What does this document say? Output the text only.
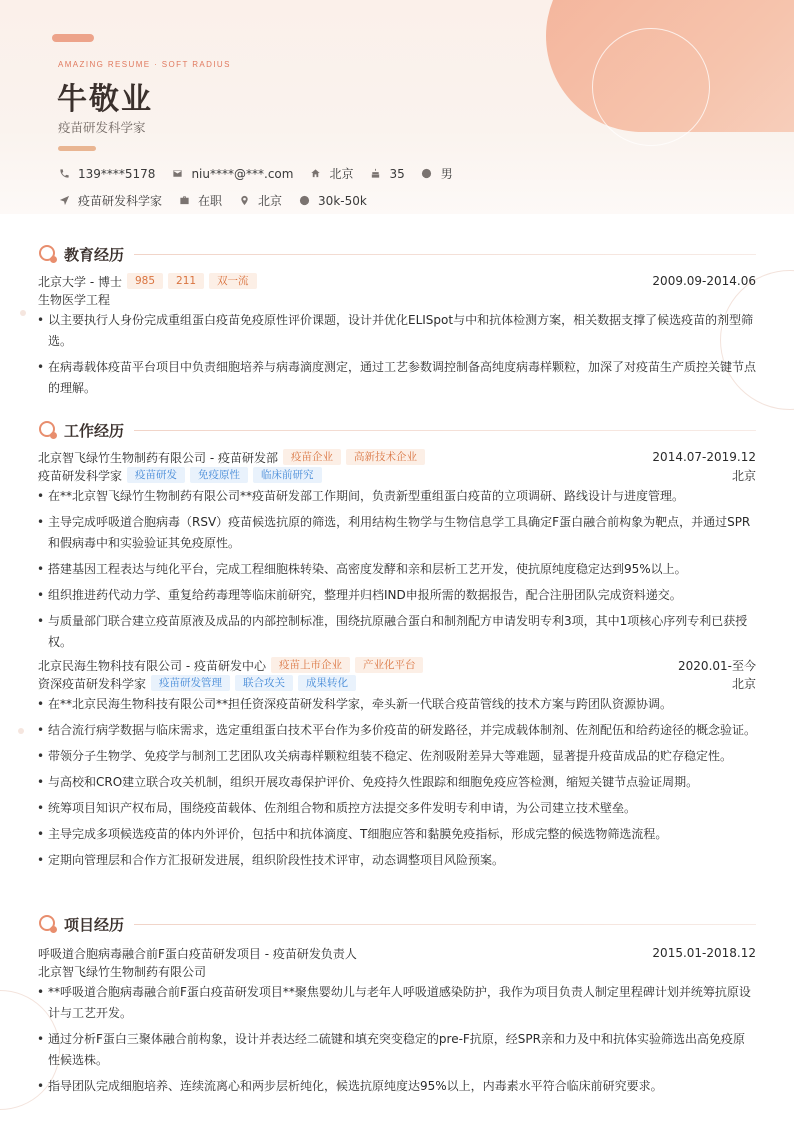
AMAZING RESUME · SOFT RADIUS
牛敬业
疫苗研发科学家
139****5178	niu****@***.com	北京	35	男
疫苗研发科学家	在职	北京	30k-50k
教育经历
北京大学 - 博士	985	211	双一流	2009.09-2014.06
生物医学工程
• 以主要执行人身份完成重组蛋白疫苗免疫原性评价课题，设计并优化ELISpot与中和抗体检测方案，相关数据支撑了候选疫苗的剂型筛选。
• 在病毒载体疫苗平台项目中负责细胞培养与病毒滴度测定，通过工艺参数调控制备高纯度病毒样颗粒，加深了对疫苗生产质控关键节点的理解。
工作经历
北京智飞绿竹生物制药有限公司 - 疫苗研发部	疫苗企业	高新技术企业	2014.07-2019.12
疫苗研发科学家	疫苗研发	免疫原性	临床前研究	北京
• 在**北京智飞绿竹生物制药有限公司**疫苗研发部工作期间，负责新型重组蛋白疫苗的立项调研、路线设计与进度管理。
• 主导完成呼吸道合胞病毒（RSV）疫苗候选抗原的筛选，利用结构生物学与生物信息学工具确定F蛋白融合前构象为靶点，并通过SPR和假病毒中和实验验证其免疫原性。
• 搭建基因工程表达与纯化平台，完成工程细胞株转染、高密度发酵和亲和层析工艺开发，使抗原纯度稳定达到95%以上。
• 组织推进药代动力学、重复给药毒理等临床前研究，整理并归档IND申报所需的数据报告，配合注册团队完成资料递交。
• 与质量部门联合建立疫苗原液及成品的内部控制标准，围绕抗原融合蛋白和制剂配方申请发明专利3项，其中1项核心序列专利已获授权。
北京民海生物科技有限公司 - 疫苗研发中心	疫苗上市企业	产业化平台	2020.01-至今
资深疫苗研发科学家	疫苗研发管理	联合攻关	成果转化	北京
• 在**北京民海生物科技有限公司**担任资深疫苗研发科学家，牵头新一代联合疫苗管线的技术方案与跨团队资源协调。
• 结合流行病学数据与临床需求，选定重组蛋白技术平台作为多价疫苗的研发路径，并完成载体制剂、佐剂配伍和给药途径的概念验证。
• 带领分子生物学、免疫学与制剂工艺团队攻关病毒样颗粒组装不稳定、佐剂吸附差异大等难题，显著提升疫苗成品的贮存稳定性。
• 与高校和CRO建立联合攻关机制，组织开展攻毒保护评价、免疫持久性跟踪和细胞免疫应答检测，缩短关键节点验证周期。
• 统筹项目知识产权布局，围绕疫苗载体、佐剂组合物和质控方法提交多件发明专利申请，为公司建立技术壁垒。
• 主导完成多项候选疫苗的体内外评价，包括中和抗体滴度、T细胞应答和黏膜免疫指标，形成完整的候选物筛选流程。
• 定期向管理层和合作方汇报研发进展，组织阶段性技术评审，动态调整项目风险预案。
项目经历
呼吸道合胞病毒融合前F蛋白疫苗研发项目 - 疫苗研发负责人	2015.01-2018.12
北京智飞绿竹生物制药有限公司
• **呼吸道合胞病毒融合前F蛋白疫苗研发项目**聚焦婴幼儿与老年人呼吸道感染防护，我作为项目负责人制定里程碑计划并统筹抗原设计与工艺开发。
• 通过分析F蛋白三聚体融合前构象，设计并表达经二硫键和填充突变稳定的pre-F抗原，经SPR亲和力及中和抗体实验筛选出高免疫原性候选株。
• 指导团队完成细胞培养、连续流离心和两步层析纯化，候选抗原纯度达95%以上，内毒素水平符合临床前研究要求。
